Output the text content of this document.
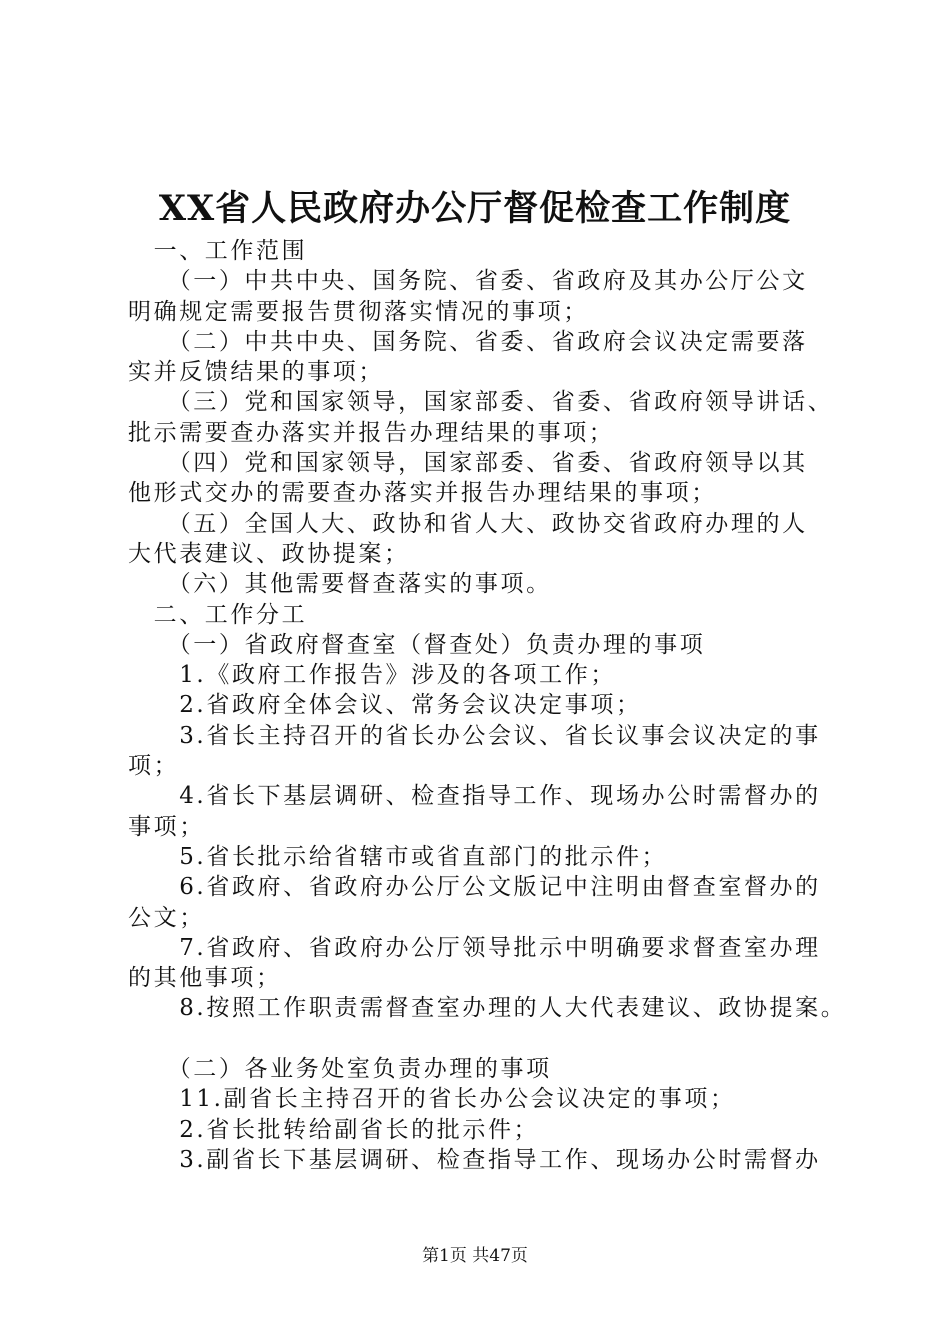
XX省人民政府办公厅督促检查工作制度
　一、工作范围
　　（一）中共中央、国务院、省委、省政府及其办公厅公文
明确规定需要报告贯彻落实情况的事项；
　　（二）中共中央、国务院、省委、省政府会议决定需要落
实并反馈结果的事项；
　　（三）党和国家领导，国家部委、省委、省政府领导讲话、
批示需要查办落实并报告办理结果的事项；
　　（四）党和国家领导，国家部委、省委、省政府领导以其
他形式交办的需要查办落实并报告办理结果的事项；
　　（五）全国人大、政协和省人大、政协交省政府办理的人
大代表建议、政协提案；
　　（六）其他需要督查落实的事项。
　二、工作分工
　　（一）省政府督查室（督查处）负责办理的事项
　　1.《政府工作报告》涉及的各项工作；
　　2.省政府全体会议、常务会议决定事项；
　　3.省长主持召开的省长办公会议、省长议事会议决定的事
项；
　　4.省长下基层调研、检查指导工作、现场办公时需督办的
事项；
　　5.省长批示给省辖市或省直部门的批示件；
　　6.省政府、省政府办公厅公文版记中注明由督查室督办的
公文；
　　7.省政府、省政府办公厅领导批示中明确要求督查室办理
的其他事项；
　　8.按照工作职责需督查室办理的人大代表建议、政协提案。
　　（二）各业务处室负责办理的事项
　　11.副省长主持召开的省长办公会议决定的事项；
　　2.省长批转给副省长的批示件；
　　3.副省长下基层调研、检查指导工作、现场办公时需督办
第1页 共47页
